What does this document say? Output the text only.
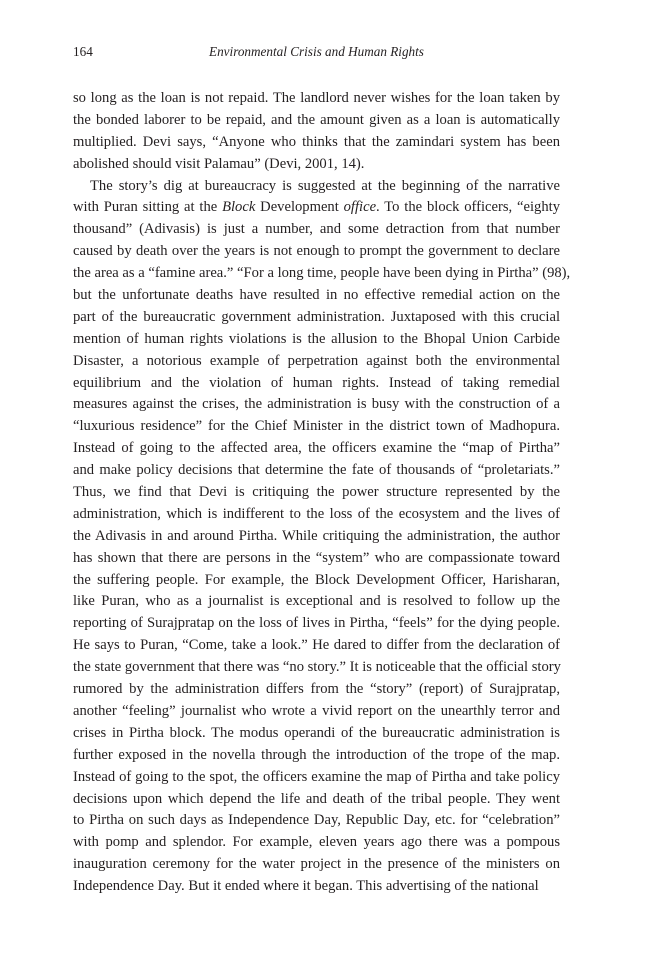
164	Environmental Crisis and Human Rights
so long as the loan is not repaid. The landlord never wishes for the loan taken by
the bonded laborer to be repaid, and the amount given as a loan is automatically
multiplied. Devi says, “Anyone who thinks that the zamindari system has been
abolished should visit Palamau” (Devi, 2001, 14).
The story’s dig at bureaucracy is suggested at the beginning of the narrative
with Puran sitting at the Block Development office. To the block officers, “eighty
thousand” (Adivasis) is just a number, and some detraction from that number
caused by death over the years is not enough to prompt the government to declare
the area as a “famine area.” “For a long time, people have been dying in Pirtha” (98),
but the unfortunate deaths have resulted in no effective remedial action on the
part of the bureaucratic government administration. Juxtaposed with this crucial
mention of human rights violations is the allusion to the Bhopal Union Carbide
Disaster, a notorious example of perpetration against both the environmental
equilibrium and the violation of human rights. Instead of taking remedial
measures against the crises, the administration is busy with the construction of a
“luxurious residence” for the Chief Minister in the district town of Madhopura.
Instead of going to the affected area, the officers examine the “map of Pirtha”
and make policy decisions that determine the fate of thousands of “proletariats.”
Thus, we find that Devi is critiquing the power structure represented by the
administration, which is indifferent to the loss of the ecosystem and the lives of
the Adivasis in and around Pirtha. While critiquing the administration, the author
has shown that there are persons in the “system” who are compassionate toward
the suffering people. For example, the Block Development Officer, Harisharan,
like Puran, who as a journalist is exceptional and is resolved to follow up the
reporting of Surajpratap on the loss of lives in Pirtha, “feels” for the dying people.
He says to Puran, “Come, take a look.” He dared to differ from the declaration of
the state government that there was “no story.” It is noticeable that the official story
rumored by the administration differs from the “story” (report) of Surajpratap,
another “feeling” journalist who wrote a vivid report on the unearthly terror and
crises in Pirtha block. The modus operandi of the bureaucratic administration is
further exposed in the novella through the introduction of the trope of the map.
Instead of going to the spot, the officers examine the map of Pirtha and take policy
decisions upon which depend the life and death of the tribal people. They went
to Pirtha on such days as Independence Day, Republic Day, etc. for “celebration”
with pomp and splendor. For example, eleven years ago there was a pompous
inauguration ceremony for the water project in the presence of the ministers on
Independence Day. But it ended where it began. This advertising of the national
